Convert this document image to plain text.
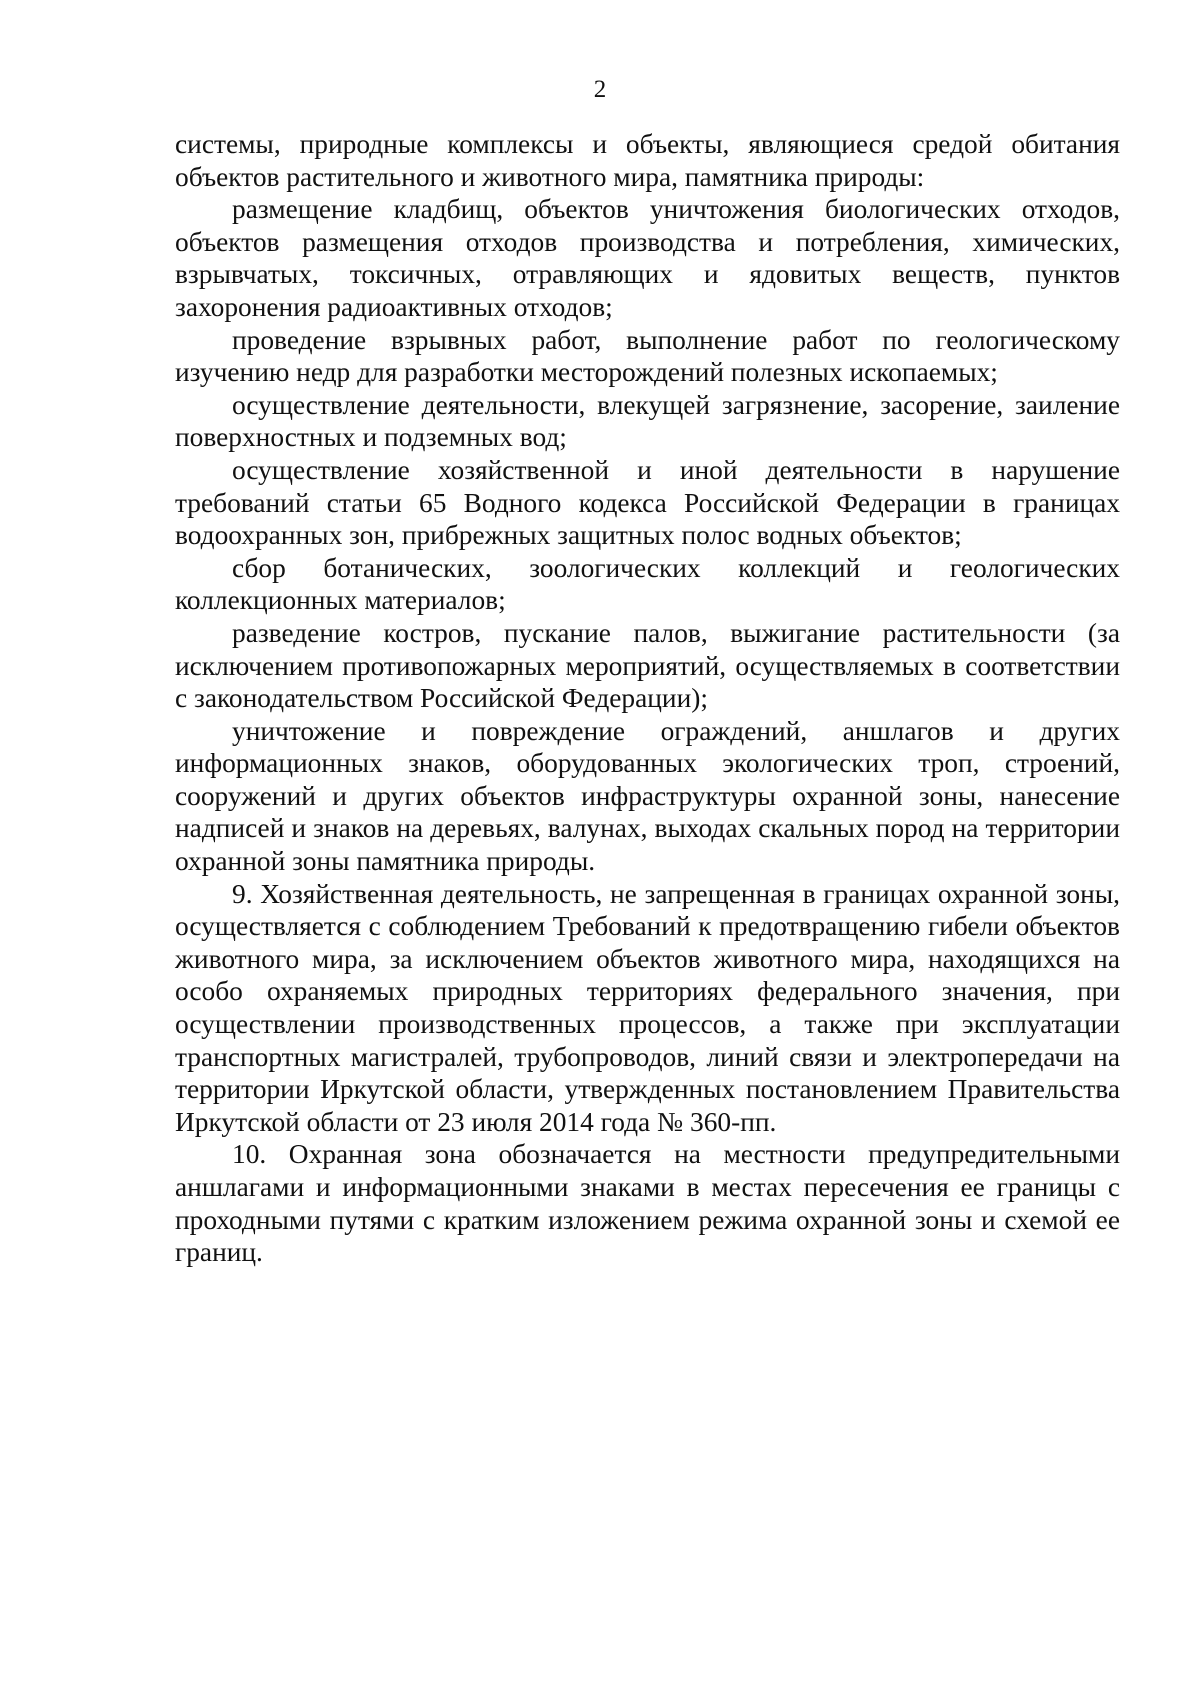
2

системы, природные комплексы и объекты, являющиеся средой обитания объектов растительного и животного мира, памятника природы:

размещение кладбищ, объектов уничтожения биологических отходов, объектов размещения отходов производства и потребления, химических, взрывчатых, токсичных, отравляющих и ядовитых веществ, пунктов захоронения радиоактивных отходов;

проведение взрывных работ, выполнение работ по геологическому изучению недр для разработки месторождений полезных ископаемых;

осуществление деятельности, влекущей загрязнение, засорение, заиление поверхностных и подземных вод;

осуществление хозяйственной и иной деятельности в нарушение требований статьи 65 Водного кодекса Российской Федерации в границах водоохранных зон, прибрежных защитных полос водных объектов;

сбор ботанических, зоологических коллекций и геологических коллекционных материалов;

разведение костров, пускание палов, выжигание растительности (за исключением противопожарных мероприятий, осуществляемых в соответствии с законодательством Российской Федерации);

уничтожение и повреждение ограждений, аншлагов и других информационных знаков, оборудованных экологических троп, строений, сооружений и других объектов инфраструктуры охранной зоны, нанесение надписей и знаков на деревьях, валунах, выходах скальных пород на территории охранной зоны памятника природы.

9. Хозяйственная деятельность, не запрещенная в границах охранной зоны, осуществляется с соблюдением Требований к предотвращению гибели объектов животного мира, за исключением объектов животного мира, находящихся на особо охраняемых природных территориях федерального значения, при осуществлении производственных процессов, а также при эксплуатации транспортных магистралей, трубопроводов, линий связи и электропередачи на территории Иркутской области, утвержденных постановлением Правительства Иркутской области от 23 июля 2014 года № 360-пп.

10. Охранная зона обозначается на местности предупредительными аншлагами и информационными знаками в местах пересечения ее границы с проходными путями с кратким изложением режима охранной зоны и схемой ее границ.
